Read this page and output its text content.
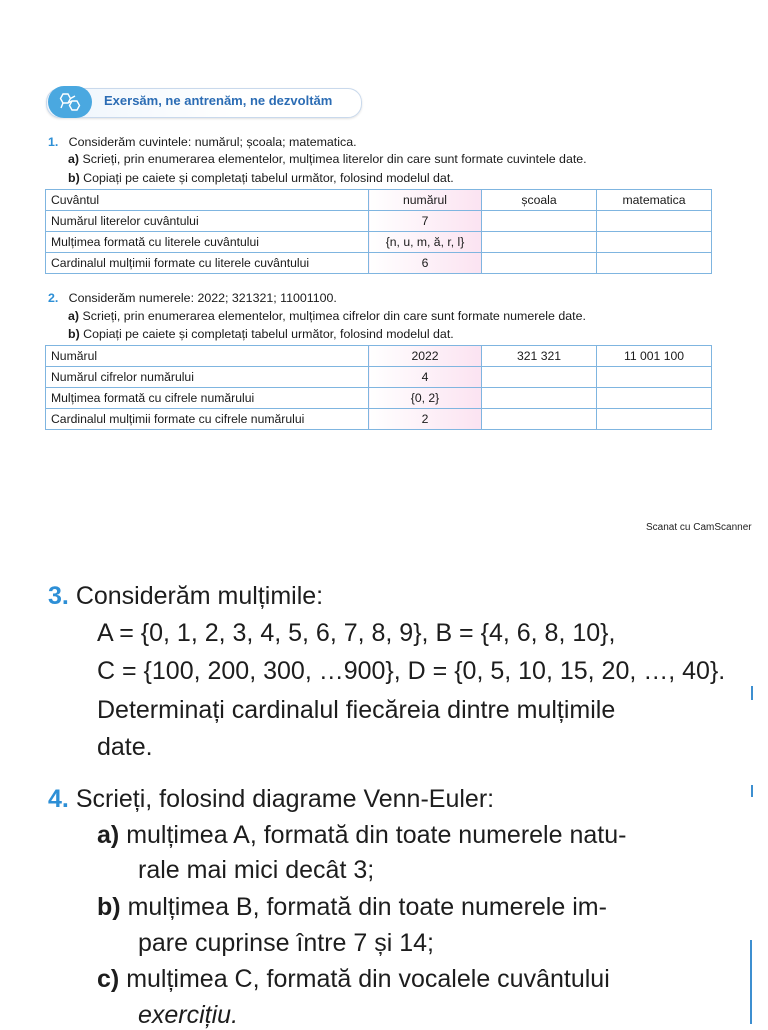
Exersăm, ne antrenăm, ne dezvoltăm
1. Considerăm cuvintele: numărul; școala; matematica.
a) Scrieți, prin enumerarea elementelor, mulțimea literelor din care sunt formate cuvintele date.
b) Copiați pe caiete și completați tabelul următor, folosind modelul dat.
Cuvântul	numărul	școala	matematica
Numărul literelor cuvântului	7		
Mulțimea formată cu literele cuvântului	{n, u, m, ă, r, l}		
Cardinalul mulțimii formate cu literele cuvântului	6		
2. Considerăm numerele: 2022; 321321; 11001100.
a) Scrieți, prin enumerarea elementelor, mulțimea cifrelor din care sunt formate numerele date.
b) Copiați pe caiete și completați tabelul următor, folosind modelul dat.
Numărul	2022	321 321	11 001 100
Numărul cifrelor numărului	4		
Mulțimea formată cu cifrele numărului	{0, 2}		
Cardinalul mulțimii formate cu cifrele numărului	2		
Scanat cu CamScanner
3. Considerăm mulțimile:
A = {0, 1, 2, 3, 4, 5, 6, 7, 8, 9}, B = {4, 6, 8, 10},
C = {100, 200, 300, …900}, D = {0, 5, 10, 15, 20, …, 40}.
Determinați cardinalul fiecăreia dintre mulțimile
date.
4. Scrieți, folosind diagrame Venn-Euler:
a) mulțimea A, formată din toate numerele natu-
rale mai mici decât 3;
b) mulțimea B, formată din toate numerele im-
pare cuprinse între 7 și 14;
c) mulțimea C, formată din vocalele cuvântului
exercițiu.
